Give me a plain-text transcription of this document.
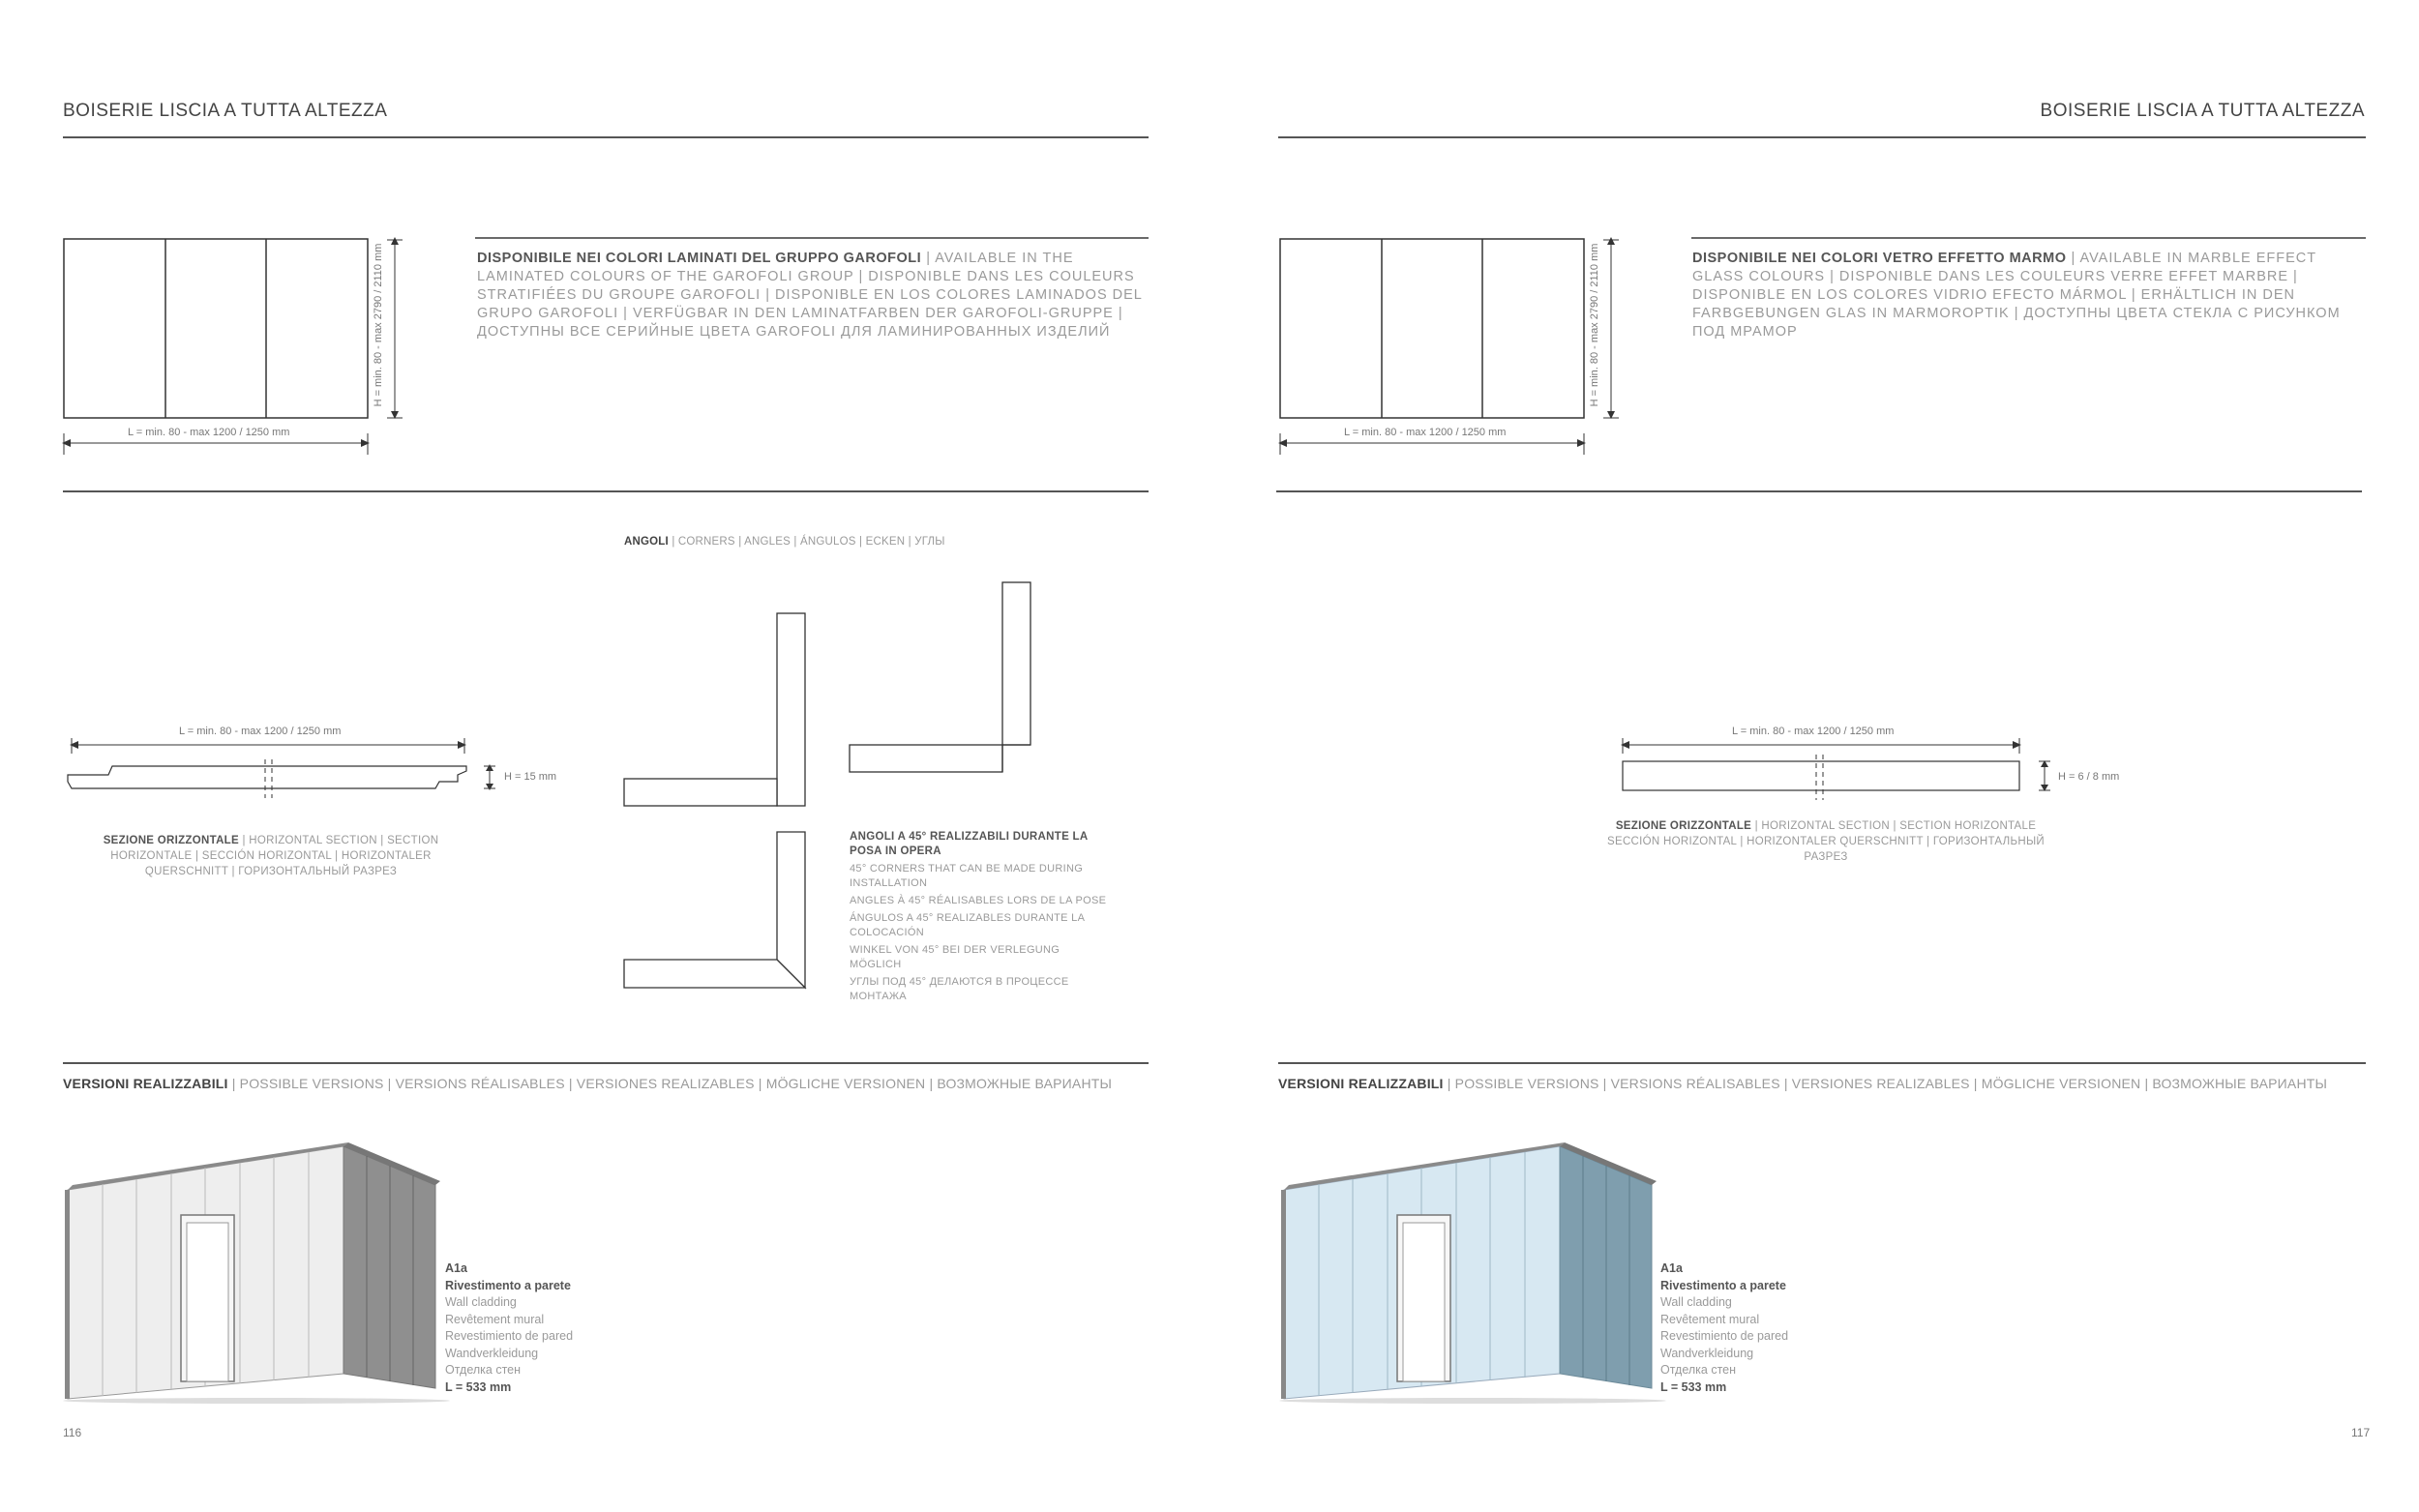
BOISERIE LISCIA A TUTTA ALTEZZA
L = min. 80 - max 1200 / 1250 mm
H = min. 80 - max 2790 / 2110 mm	DISPONIBILE NEI COLORI LAMINATI DEL GRUPPO GAROFOLI | AVAILABLE IN THE LAMINATED COLOURS OF THE GAROFOLI GROUP | DISPONIBLE DANS LES COULEURS STRATIFIÉES DU GROUPE GAROFOLI | DISPONIBLE EN LOS COLORES LAMINADOS DEL GRUPO GAROFOLI | VERFÜGBAR IN DEN LAMINATFARBEN DER GAROFOLI-GRUPPE | ДОСТУПНЫ ВСЕ СЕРИЙНЫЕ ЦВЕТА GAROFOLI ДЛЯ ЛАМИНИРОВАННЫХ ИЗДЕЛИЙ
ANGOLI | CORNERS | ANGLES | ÁNGULOS | ECKEN | УГЛЫ
L = min. 80 - max 1200 / 1250 mm
H = 15 mm
SEZIONE ORIZZONTALE | HORIZONTAL SECTION | SECTION HORIZONTALE | SECCIÓN HORIZONTAL | HORIZONTALER QUERSCHNITT | ГОРИЗОНТАЛЬНЫЙ РАЗРЕЗ
ANGOLI A 45° REALIZZABILI DURANTE LA POSA IN OPERA
45° CORNERS THAT CAN BE MADE DURING INSTALLATION
ANGLES À 45° RÉALISABLES LORS DE LA POSE
ÁNGULOS A 45° REALIZABLES DURANTE LA COLOCACIÓN
WINKEL VON 45° BEI DER VERLEGUNG MÖGLICH
УГЛЫ ПОД 45° ДЕЛАЮТСЯ В ПРОЦЕССЕ МОНТАЖА
VERSIONI REALIZZABILI | POSSIBLE VERSIONS | VERSIONS RÉALISABLES | VERSIONES REALIZABLES | MÖGLICHE VERSIONEN | ВОЗМОЖНЫЕ ВАРИАНТЫ
A1a
Rivestimento a parete
Wall cladding
Revêtement mural
Revestimiento de pared
Wandverkleidung
Отделка стен
L = 533 mm
116
BOISERIE LISCIA A TUTTA ALTEZZA
L = min. 80 - max 1200 / 1250 mm
H = min. 80 - max 2790 / 2110 mm	DISPONIBILE NEI COLORI VETRO EFFETTO MARMO | AVAILABLE IN MARBLE EFFECT GLASS COLOURS | DISPONIBLE DANS LES COULEURS VERRE EFFET MARBRE | DISPONIBLE EN LOS COLORES VIDRIO EFECTO MÁRMOL | ERHÄLTLICH IN DEN FARBGEBUNGEN GLAS IN MARMOROPTIK | ДОСТУПНЫ ЦВЕТА СТЕКЛА С РИСУНКОМ ПОД МРАМОР
L = min. 80 - max 1200 / 1250 mm
H = 6 / 8 mm
SEZIONE ORIZZONTALE | HORIZONTAL SECTION | SECTION HORIZONTALE SECCIÓN HORIZONTAL | HORIZONTALER QUERSCHNITT | ГОРИЗОНТАЛЬНЫЙ РАЗРЕЗ
VERSIONI REALIZZABILI | POSSIBLE VERSIONS | VERSIONS RÉALISABLES | VERSIONES REALIZABLES | MÖGLICHE VERSIONEN | ВОЗМОЖНЫЕ ВАРИАНТЫ
A1a
Rivestimento a parete
Wall cladding
Revêtement mural
Revestimiento de pared
Wandverkleidung
Отделка стен
L = 533 mm
117
